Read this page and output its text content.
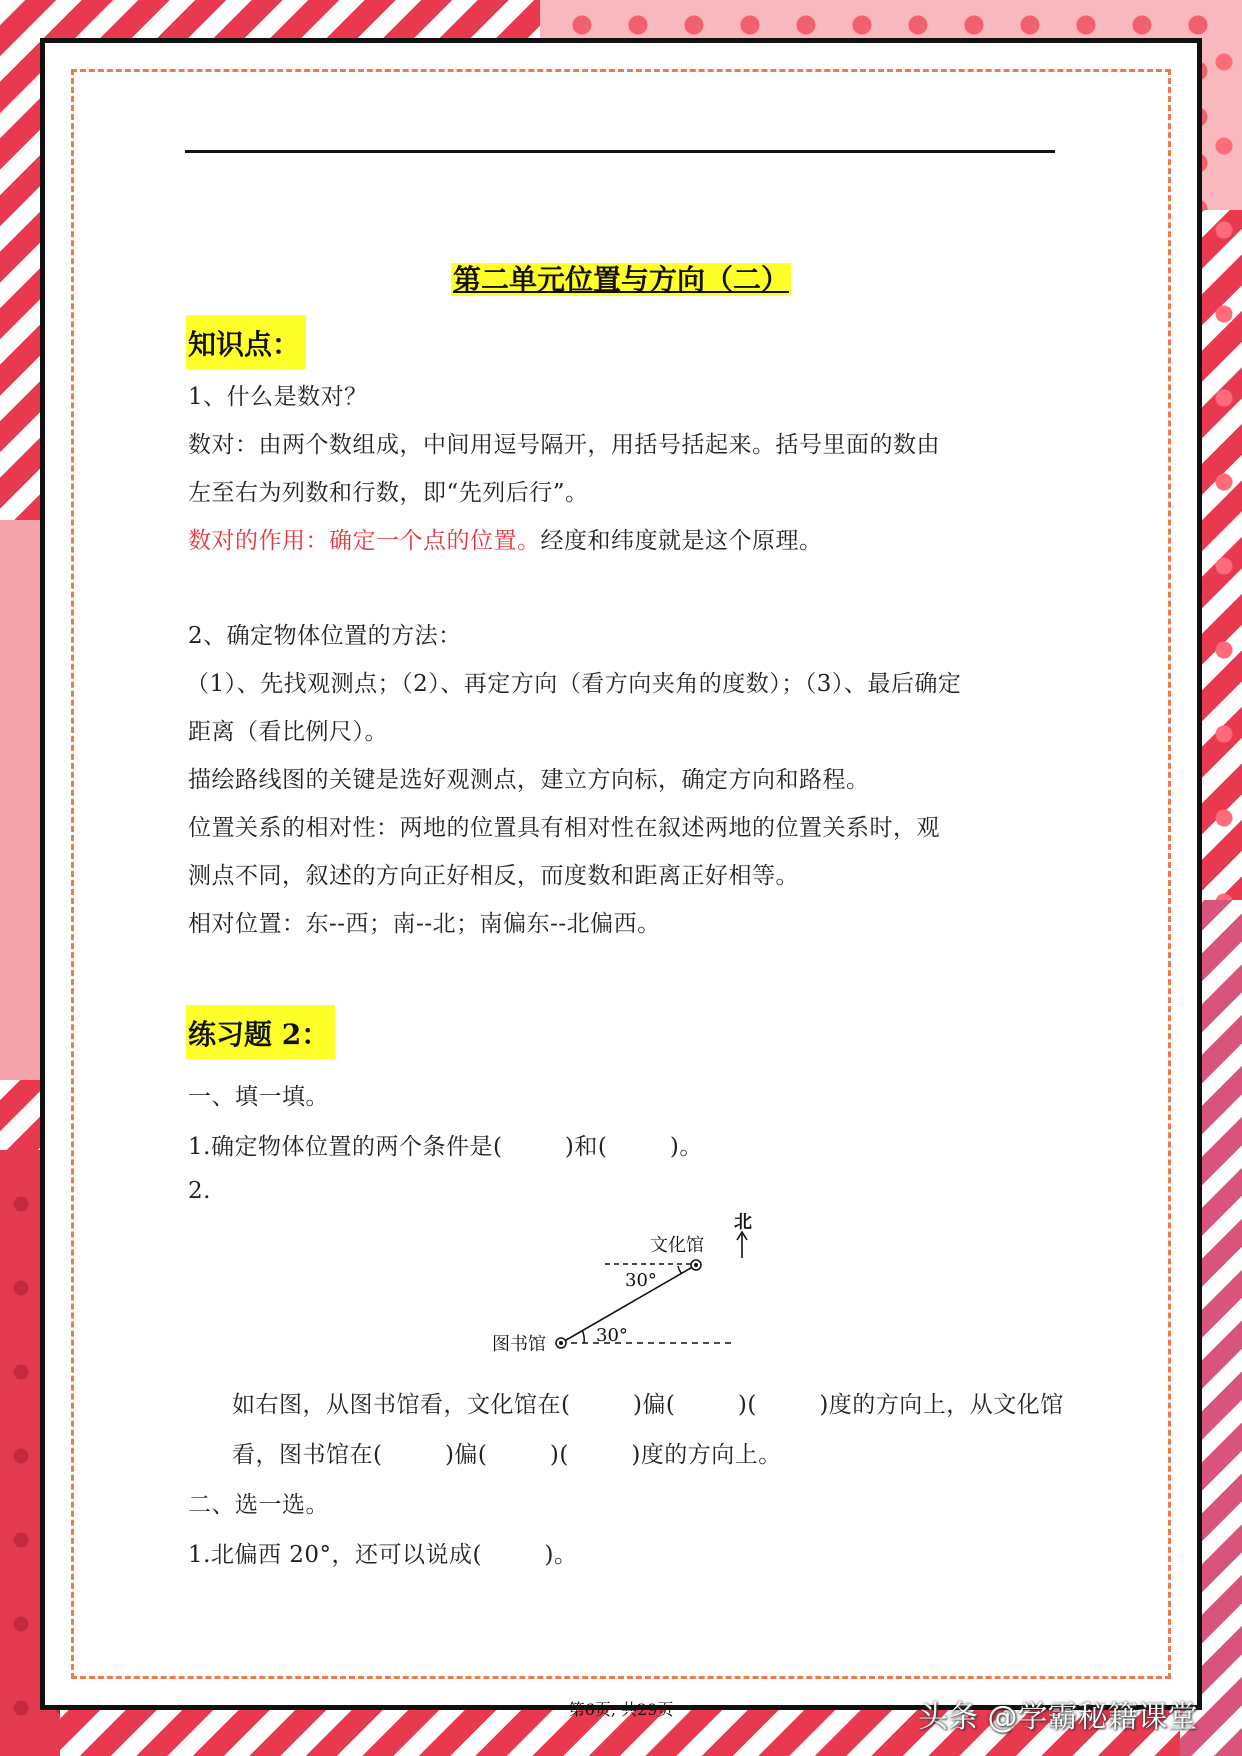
第二单元位置与方向（二）
知识点：
1、什么是数对？
数对：由两个数组成，中间用逗号隔开，用括号括起来。括号里面的数由
左至右为列数和行数，即“先列后行”。
数对的作用：确定一个点的位置。经度和纬度就是这个原理。
2、确定物体位置的方法：
（1）、先找观测点；（2）、再定方向（看方向夹角的度数）；（3）、最后确定
距离（看比例尺）。
描绘路线图的关键是选好观测点，建立方向标，确定方向和路程。
位置关系的相对性：两地的位置具有相对性在叙述两地的位置关系时，观
测点不同，叙述的方向正好相反，而度数和距离正好相等。
相对位置：东--西；南--北；南偏东--北偏西。
练习题 2：
一、填一填。
1.确定物体位置的两个条件是(        )和(        )。
2.
北
文化馆
图书馆
30°
30°
如右图，从图书馆看，文化馆在(        )偏(        )(        )度的方向上，从文化馆
看，图书馆在(        )偏(        )(        )度的方向上。
二、选一选。
1.北偏西 20°，还可以说成(        )。
第6页, 共29页	头条 @学霸秘籍课堂
